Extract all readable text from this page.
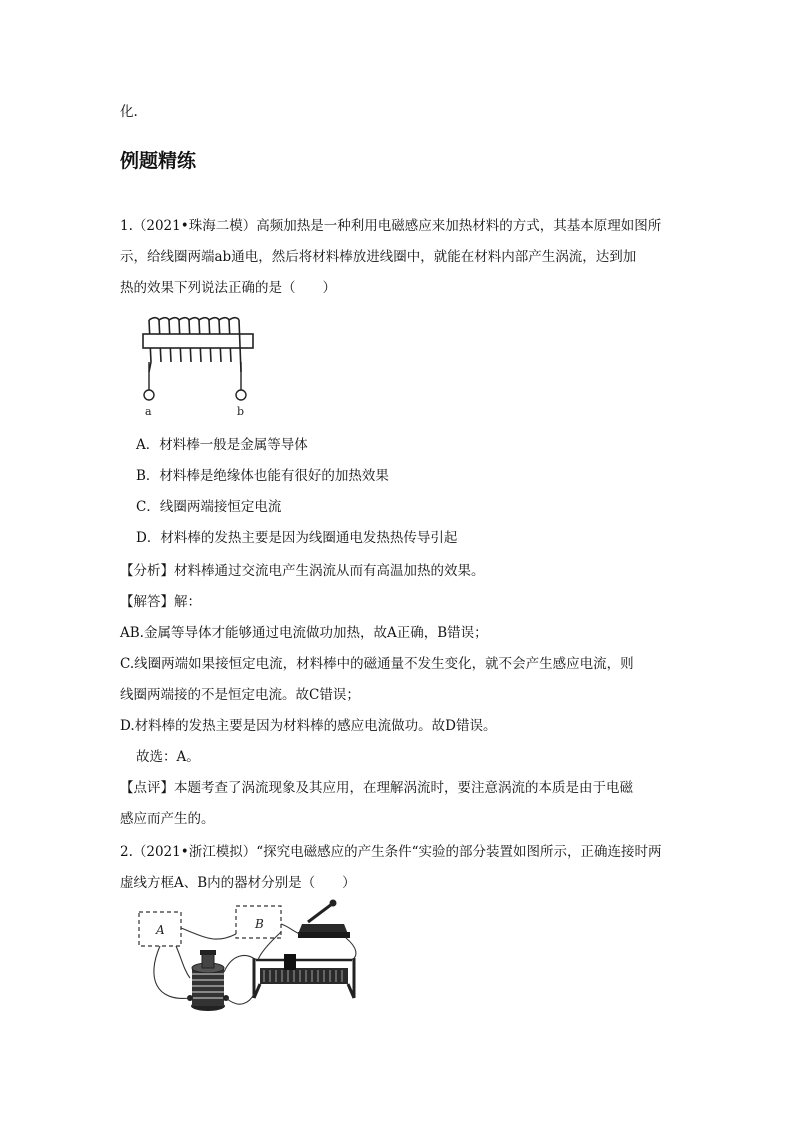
化.
例题精练
1.（2021•珠海二模）高频加热是一种利用电磁感应来加热材料的方式，其基本原理如图所
示，给线圈两端ab通电，然后将材料棒放进线圈中，就能在材料内部产生涡流，达到加
热的效果下列说法正确的是（　　）
a	b
A．材料棒一般是金属等导体
B．材料棒是绝缘体也能有很好的加热效果
C．线圈两端接恒定电流
D．材料棒的发热主要是因为线圈通电发热热传导引起
【分析】材料棒通过交流电产生涡流从而有高温加热的效果。
【解答】解：
AB.金属等导体才能够通过电流做功加热，故A正确，B错误；
C.线圈两端如果接恒定电流，材料棒中的磁通量不发生变化，就不会产生感应电流，则
线圈两端接的不是恒定电流。故C错误；
D.材料棒的发热主要是因为材料棒的感应电流做功。故D错误。
故选：A。
【点评】本题考查了涡流现象及其应用，在理解涡流时，要注意涡流的本质是由于电磁
感应而产生的。
2.（2021•浙江模拟）“探究电磁感应的产生条件“实验的部分装置如图所示，正确连接时两
虚线方框A、B内的器材分别是（　　）
A	B
